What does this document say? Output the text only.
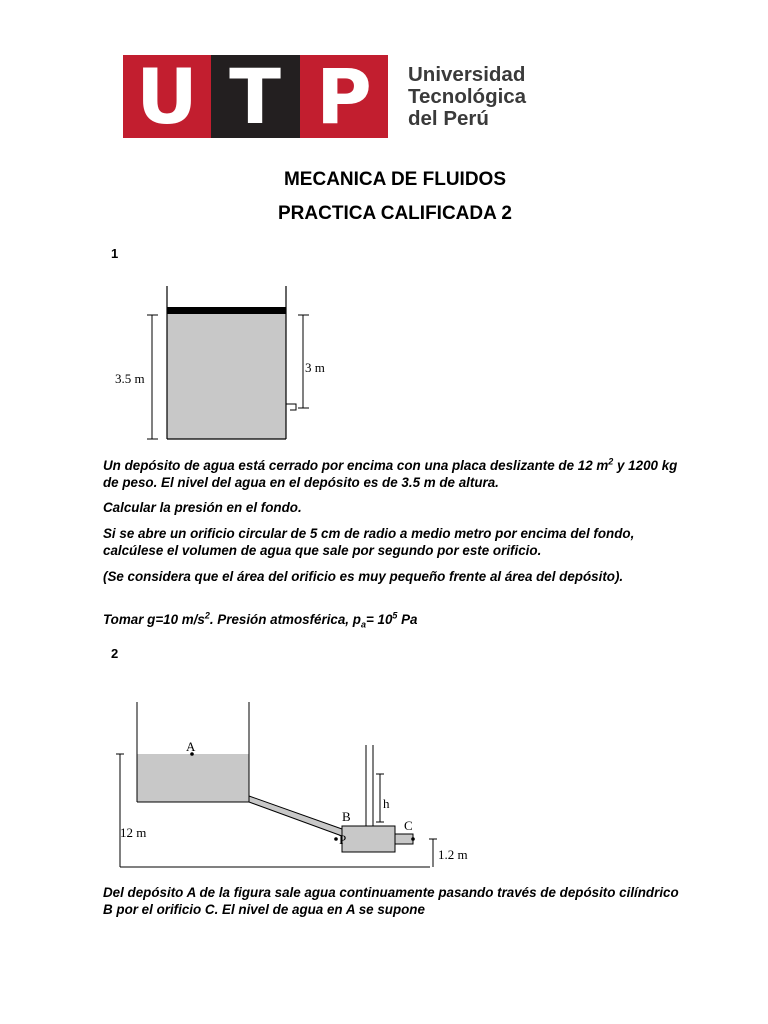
U T P	Universidad
Tecnológica
del Perú
MECANICA DE FLUIDOS
PRACTICA CALIFICADA 2
1
3.5 m
3 m
Un depósito de agua está cerrado por encima con una placa deslizante de 12 $m^2$ y 1200 kg de peso. El nivel del agua en el depósito es de 3.5 m de altura.
Calcular la presión en el fondo.
Si se abre un orificio circular de 5 cm de radio a medio metro por encima del fondo, calcúlese el volumen de agua que sale por segundo por este orificio.
(Se considera que el área del orificio es muy pequeño frente al área del depósito).
Tomar g=10 $m/s^2$. Presión atmosférica, $p_a= 10^5$ Pa
2
A
B
C
P
h
12 m
1.2 m
Del depósito A de la figura sale agua continuamente pasando través de depósito cilíndrico B por el orificio C. El nivel de agua en A se supone
